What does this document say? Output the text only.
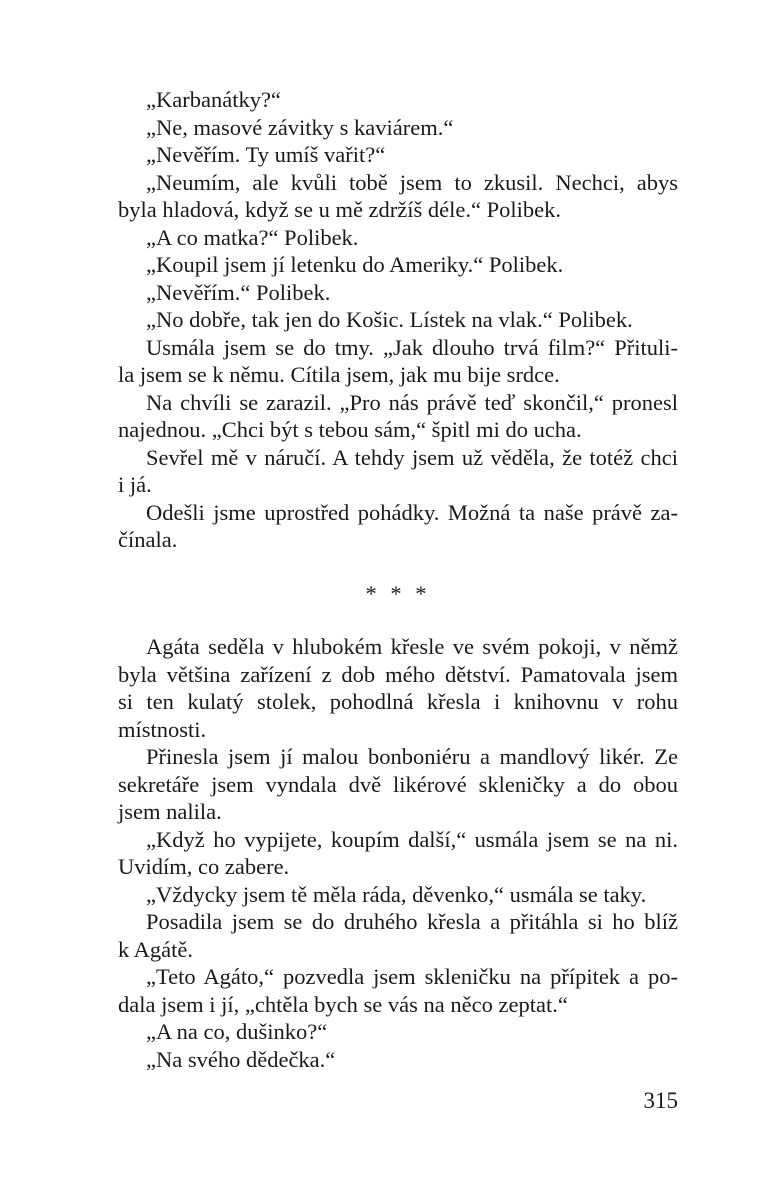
„Karbanátky?“
„Ne, masové závitky s kaviárem.“
„Nevěřím. Ty umíš vařit?“
„Neumím, ale kvůli tobě jsem to zkusil. Nechci, abys
byla hladová, když se u mě zdržíš déle.“ Polibek.
„A co matka?“ Polibek.
„Koupil jsem jí letenku do Ameriky.“ Polibek.
„Nevěřím.“ Polibek.
„No dobře, tak jen do Košic. Lístek na vlak.“ Polibek.
Usmála jsem se do tmy. „Jak dlouho trvá film?“ Přituli-
la jsem se k němu. Cítila jsem, jak mu bije srdce.
Na chvíli se zarazil. „Pro nás právě teď skončil,“ pronesl
najednou. „Chci být s tebou sám,“ špitl mi do ucha.
Sevřel mě v náručí. A tehdy jsem už věděla, že totéž chci
i já.
Odešli jsme uprostřed pohádky. Možná ta naše právě za-
čínala.
* * *
Agáta seděla v hlubokém křesle ve svém pokoji, v němž
byla většina zařízení z dob mého dětství. Pamatovala jsem
si ten kulatý stolek, pohodlná křesla i knihovnu v rohu
místnosti.
Přinesla jsem jí malou bonboniéru a mandlový likér. Ze
sekretáře jsem vyndala dvě likérové skleničky a do obou
jsem nalila.
„Když ho vypijete, koupím další,“ usmála jsem se na ni.
Uvidím, co zabere.
„Vždycky jsem tě měla ráda, děvenko,“ usmála se taky.
Posadila jsem se do druhého křesla a přitáhla si ho blíž
k Agátě.
„Teto Agáto,“ pozvedla jsem skleničku na přípitek a po-
dala jsem i jí, „chtěla bych se vás na něco zeptat.“
„A na co, dušinko?“
„Na svého dědečka.“
315
